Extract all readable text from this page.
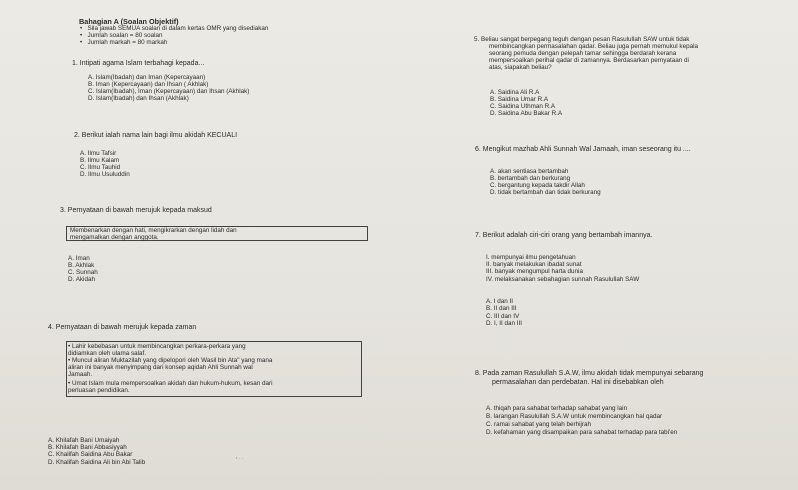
Bahagian A (Soalan Objektif)
•   Sila jawab SEMUA soalan di dalam kertas OMR yang disediakan
•   Jumlah soalan = 80 soalan
•   Jumlah markah = 80 markah
1. Intipati agama Islam terbahagi kepada...
A. Islam(Ibadah) dan Iman (Kepercayaan)
B. Iman (Kepercayaan) dan Ihsan ( Akhlak)
C. Islam(Ibadah), Iman (Kepercayaan) dan Ihsan (Akhlak)
D. Islam(Ibadah) dan Ihsan (Akhlak)
2. Berikut ialah nama lain bagi ilmu akidah KECUALI
A. Ilmu Tafsir
B. Ilmu Kalam
C. Ilmu Tauhid
D. Ilmu Usuluddin
3. Pernyataan di bawah merujuk kepada maksud
Membenarkan dengan hati, mengikrarkan dengan lidah dan
mengamalkan dengan anggota.
A. Iman
B. Akhlak
C. Sunnah
D. Akidah
4. Pernyataan di bawah merujuk kepada zaman
• Lahir kebebasan untuk membincangkan perkara-perkara yang
didiamkan oleh ulama salaf.
• Muncul aliran Muktazilah yang dipelopori oleh Wasil bin Ata" yang mana
aliran ini banyak menyimpang dari konsep aqidah Ahli Sunnah wal
Jamaah.
• Umat Islam mula mempersoalkan akidah dan hukum-hukum, kesan dari
perluasan pendidikan.
A. Khilafah Bani Umaiyah
B. Khilafah Bani Abbasiyyah
C. Khalifah Saidina Abu Bakar
D. Khalifah Saidina Ali bin Abi Talib	ʳ · ·
5. Beliau sangat berpegang teguh dengan pesan Rasulullah SAW untuk tidak
membincangkan permasalahan qadar. Beliau juga pernah memukul kepala
seorang pemuda dengan pelepah tamar sehingga berdarah kerana
mempersoalkan perihal qadar di zamannya. Berdasarkan pernyataan di
atas, siapakah beliau?
A. Saidina Ali R.A
B. Saidina Umar R.A
C. Saidina Uthman R.A
D. Saidina Abu Bakar R.A
6. Mengikut mazhab Ahli Sunnah Wal Jamaah, iman seseorang itu ....
A. akan sentiasa bertambah
B. bertambah dan berkurang
C. bergantung kepada takdir Allah
D. tidak bertambah dan tidak berkurang
7. Berikut adalah ciri-ciri orang yang bertambah imannya.
I. mempunyai ilmu pengetahuan
II. banyak melakukan ibadat sunat
III. banyak mengumpul harta dunia
IV. melaksanakan sebahagian sunnah Rasulullah SAW
A. I dan II
B. II dan III
C. III dan IV
D. I, II dan III
8. Pada zaman Rasulullah S.A.W, ilmu akidah tidak mempunyai sebarang
permasalahan dan perdebatan. Hal ini disebabkan oleh
A. thiqah para sahabat terhadap sahabat yang lain
B. larangan Rasulullah S.A.W untuk membincangkan hal qadar
C. ramai sahabat yang telah berhijrah
D. kefahaman yang disampaikan para sahabat terhadap para tabi'en
